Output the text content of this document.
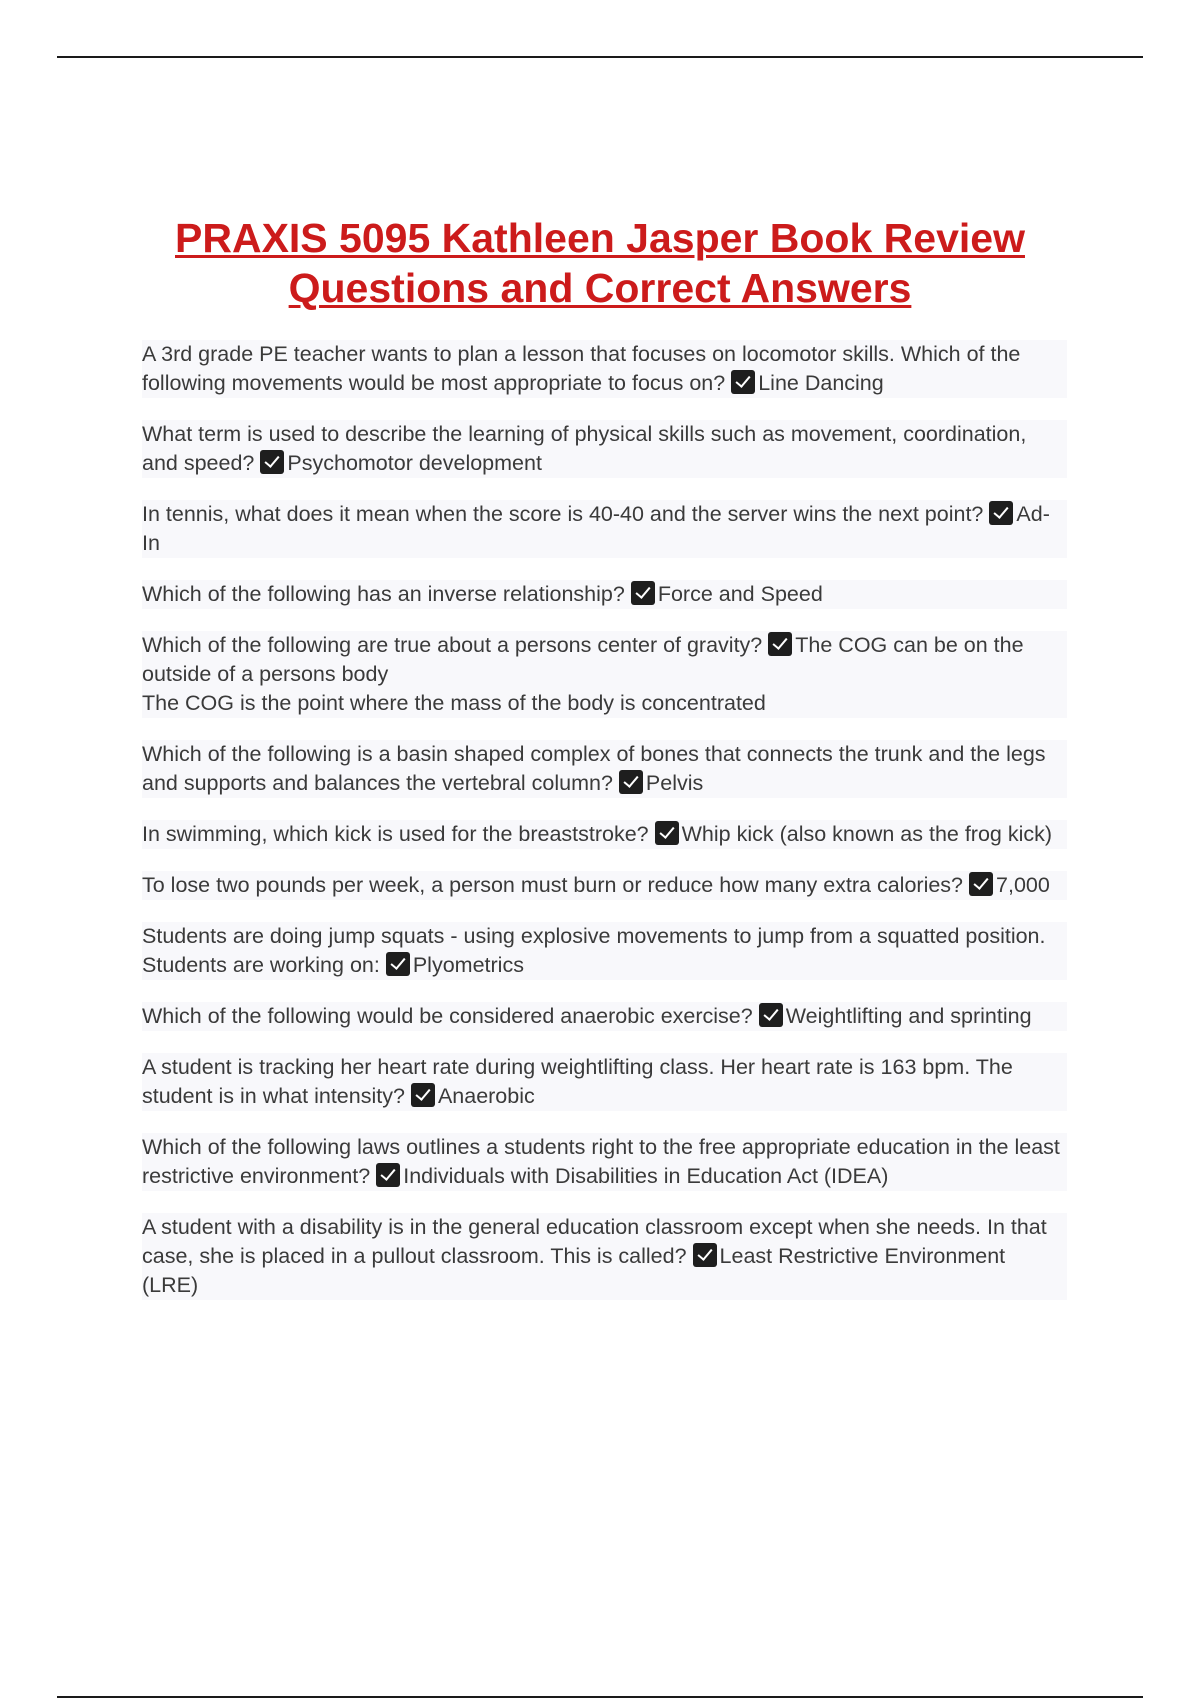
PRAXIS 5095 Kathleen Jasper Book Review
Questions and Correct Answers
A 3rd grade PE teacher wants to plan a lesson that focuses on locomotor skills. Which of the following movements would be most appropriate to focus on? Line Dancing
What term is used to describe the learning of physical skills such as movement, coordination, and speed? Psychomotor development
In tennis, what does it mean when the score is 40-40 and the server wins the next point? Ad-In
Which of the following has an inverse relationship? Force and Speed
Which of the following are true about a persons center of gravity? The COG can be on the outside of a persons body
The COG is the point where the mass of the body is concentrated
Which of the following is a basin shaped complex of bones that connects the trunk and the legs and supports and balances the vertebral column? Pelvis
In swimming, which kick is used for the breaststroke? Whip kick (also known as the frog kick)
To lose two pounds per week, a person must burn or reduce how many extra calories? 7,000
Students are doing jump squats - using explosive movements to jump from a squatted position. Students are working on: Plyometrics
Which of the following would be considered anaerobic exercise? Weightlifting and sprinting
A student is tracking her heart rate during weightlifting class. Her heart rate is 163 bpm. The student is in what intensity? Anaerobic
Which of the following laws outlines a students right to the free appropriate education in the least restrictive environment? Individuals with Disabilities in Education Act (IDEA)
A student with a disability is in the general education classroom except when she needs. In that case, she is placed in a pullout classroom. This is called? Least Restrictive Environment (LRE)
